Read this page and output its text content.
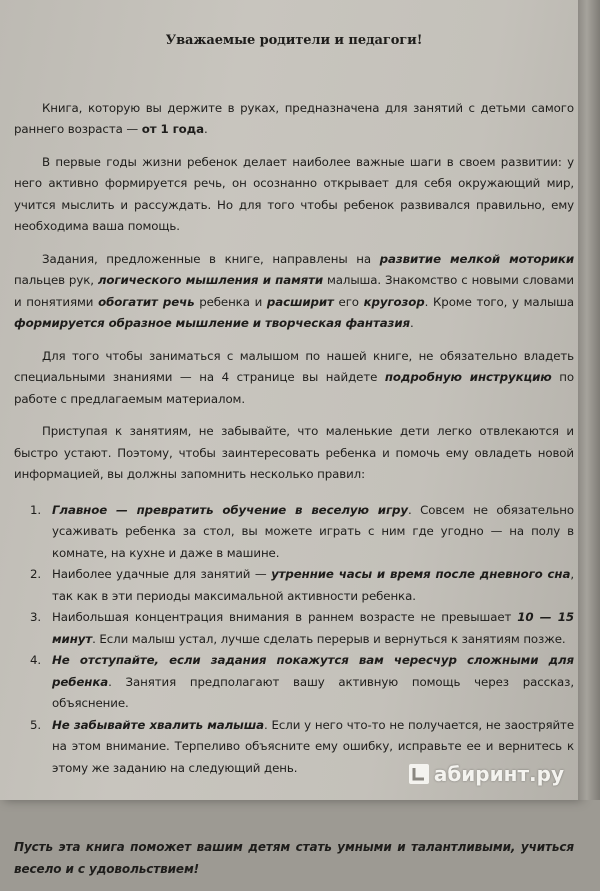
Уважаемые родители и педагоги!

Книга, которую вы держите в руках, предназначена для занятий с детьми самого раннего возраста — от 1 года.

В первые годы жизни ребенок делает наиболее важные шаги в своем развитии: у него активно формируется речь, он осознанно открывает для себя окружающий мир, учится мыслить и рассуждать. Но для того чтобы ребенок развивался правильно, ему необходима ваша помощь.

Задания, предложенные в книге, направлены на развитие мелкой моторики пальцев рук, логического мышления и памяти малыша. Знакомство с новыми словами и понятиями обогатит речь ребенка и расширит его кругозор. Кроме того, у малыша формируется образное мышление и творческая фантазия.

Для того чтобы заниматься с малышом по нашей книге, не обязательно владеть специальными знаниями — на 4 странице вы найдете подробную инструкцию по работе с предлагаемым материалом.

Приступая к занятиям, не забывайте, что маленькие дети легко отвлекаются и быстро устают. Поэтому, чтобы заинтересовать ребенка и помочь ему овладеть новой информацией, вы должны запомнить несколько правил:

1. Главное — превратить обучение в веселую игру. Совсем не обязательно усаживать ребенка за стол, вы можете играть с ним где угодно — на полу в комнате, на кухне и даже в машине.
2. Наиболее удачные для занятий — утренние часы и время после дневного сна, так как в эти периоды максимальной активности ребенка.
3. Наибольшая концентрация внимания в раннем возрасте не превышает 10 — 15 минут. Если малыш устал, лучше сделать перерыв и вернуться к занятиям позже.
4. Не отступайте, если задания покажутся вам чересчур сложными для ребенка. Занятия предполагают вашу активную помощь через рассказ, объяснение.
5. Не забывайте хвалить малыша. Если у него что-то не получается, не заостряйте на этом внимание. Терпеливо объясните ему ошибку, исправьте ее и вернитесь к этому же заданию на следующий день.

Пусть эта книга поможет вашим детям стать умными и талантливыми, учиться весело и с удовольствием!

абиринт.ру
